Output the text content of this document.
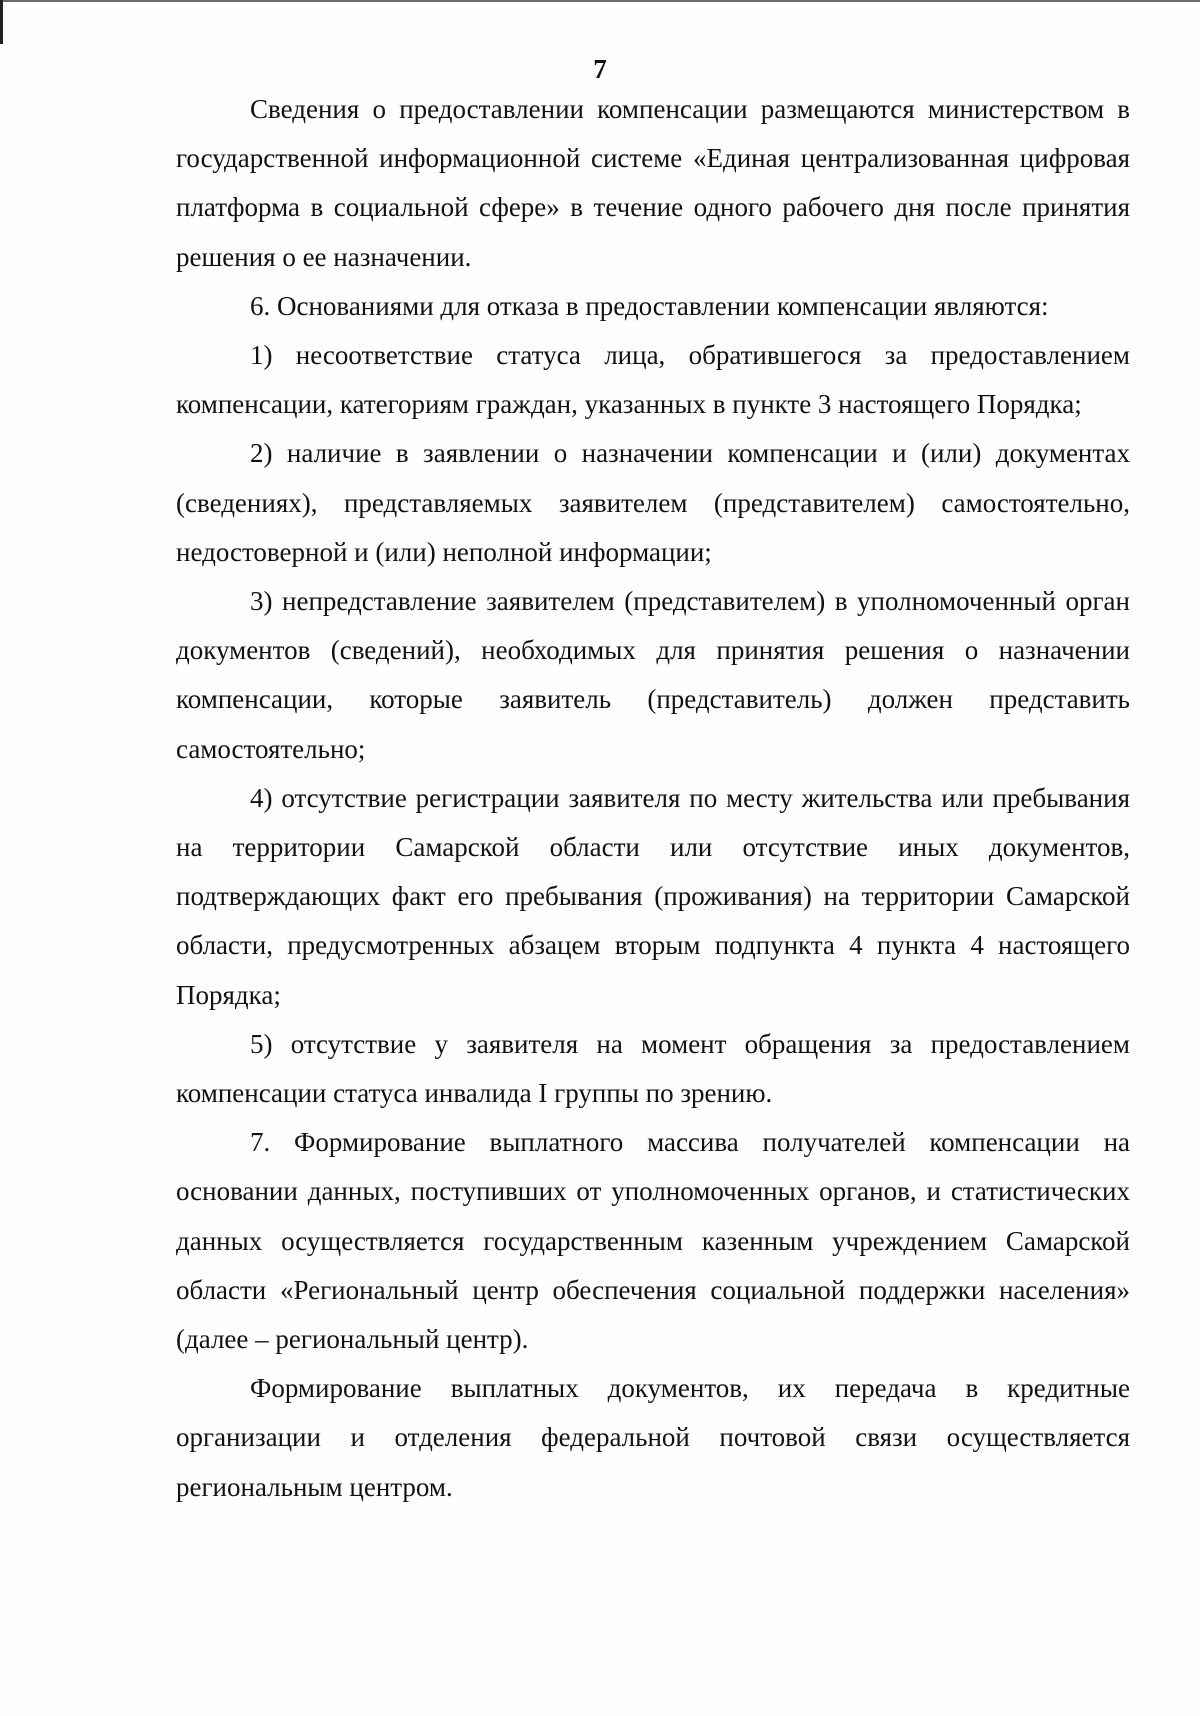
7

Сведения о предоставлении компенсации размещаются министерством в государственной информационной системе «Единая централизованная цифровая платформа в социальной сфере» в течение одного рабочего дня после принятия решения о ее назначении.

6. Основаниями для отказа в предоставлении компенсации являются:

1) несоответствие статуса лица, обратившегося за предоставлением компенсации, категориям граждан, указанных в пункте 3 настоящего Порядка;

2) наличие в заявлении о назначении компенсации и (или) документах (сведениях), представляемых заявителем (представителем) самостоятельно, недостоверной и (или) неполной информации;

3) непредставление заявителем (представителем) в уполномоченный орган документов (сведений), необходимых для принятия решения о назначении компенсации, которые заявитель (представитель) должен представить самостоятельно;

4) отсутствие регистрации заявителя по месту жительства или пребывания на территории Самарской области или отсутствие иных документов, подтверждающих факт его пребывания (проживания) на территории Самарской области, предусмотренных абзацем вторым подпункта 4 пункта 4 настоящего Порядка;

5) отсутствие у заявителя на момент обращения за предоставлением компенсации статуса инвалида I группы по зрению.

7. Формирование выплатного массива получателей компенсации на основании данных, поступивших от уполномоченных органов, и статистических данных осуществляется государственным казенным учреждением Самарской области «Региональный центр обеспечения социальной поддержки населения» (далее – региональный центр).

Формирование выплатных документов, их передача в кредитные организации и отделения федеральной почтовой связи осуществляется региональным центром.
